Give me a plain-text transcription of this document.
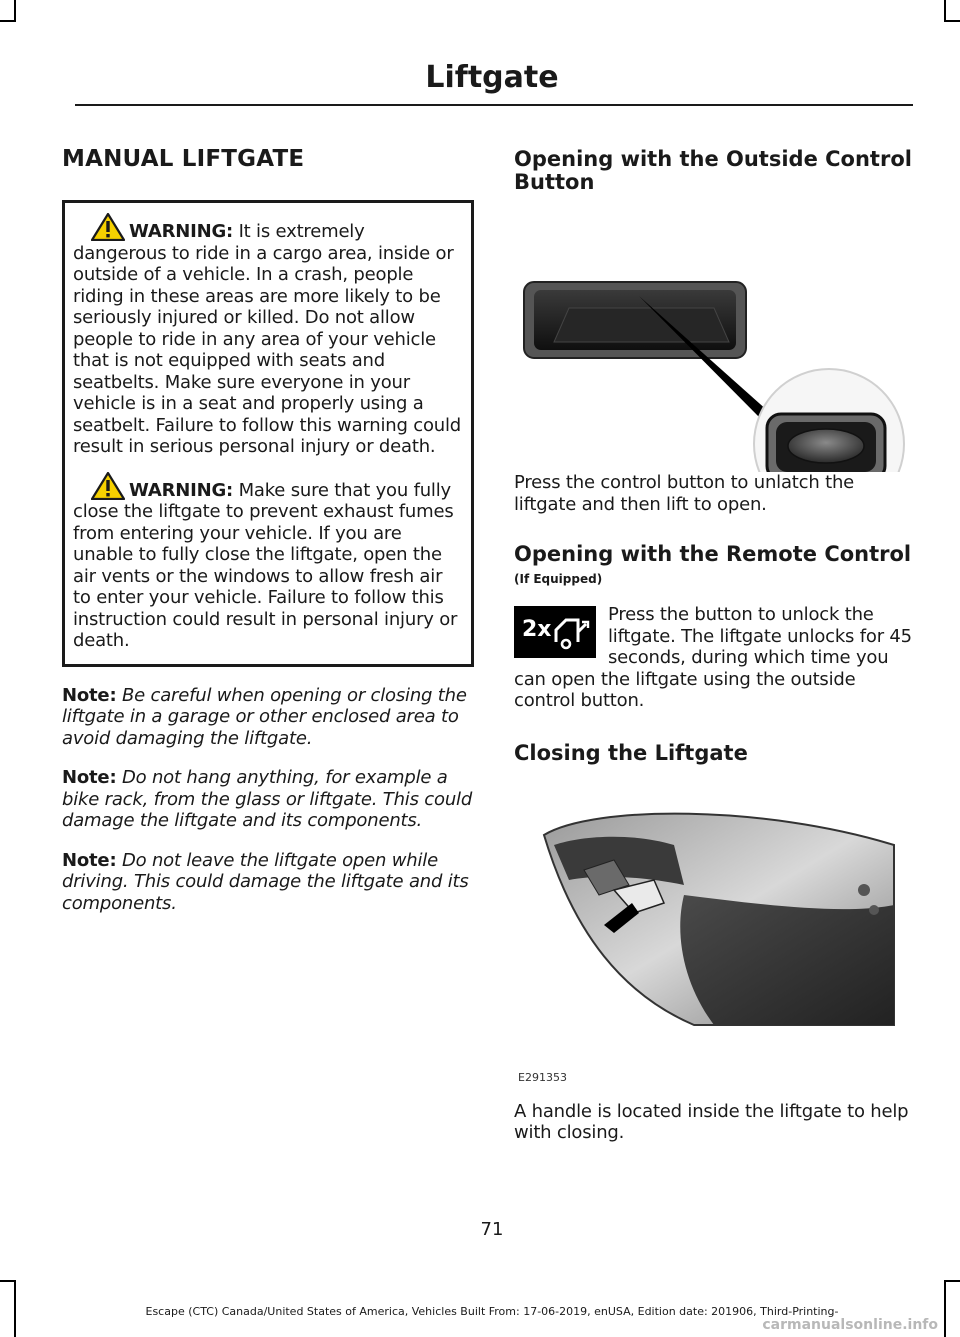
Liftgate
MANUAL LIFTGATE

WARNING: It is extremely dangerous to ride in a cargo area, inside or outside of a vehicle. In a crash, people riding in these areas are more likely to be seriously injured or killed. Do not allow people to ride in any area of your vehicle that is not equipped with seats and seatbelts. Make sure everyone in your vehicle is in a seat and properly using a seatbelt. Failure to follow this warning could result in serious personal injury or death.

WARNING: Make sure that you fully close the liftgate to prevent exhaust fumes from entering your vehicle. If you are unable to fully close the liftgate, open the air vents or the windows to allow fresh air to enter your vehicle. Failure to follow this instruction could result in personal injury or death.

Note: Be careful when opening or closing the liftgate in a garage or other enclosed area to avoid damaging the liftgate.

Note: Do not hang anything, for example a bike rack, from the glass or liftgate. This could damage the liftgate and its components.

Note: Do not leave the liftgate open while driving. This could damage the liftgate and its components.

Opening with the Outside Control Button

Press the control button to unlatch the liftgate and then lift to open.

Opening with the Remote Control
(If Equipped)
2x

Press the button to unlock the liftgate. The liftgate unlocks for 45 seconds, during which time you can open the liftgate using the outside control button.

Closing the Liftgate
E291353

A handle is located inside the liftgate to help with closing.

71
Escape (CTC) Canada/United States of America, Vehicles Built From: 17-06-2019, enUSA, Edition date: 201906, Third-Printing-
carmanualsonline.info
